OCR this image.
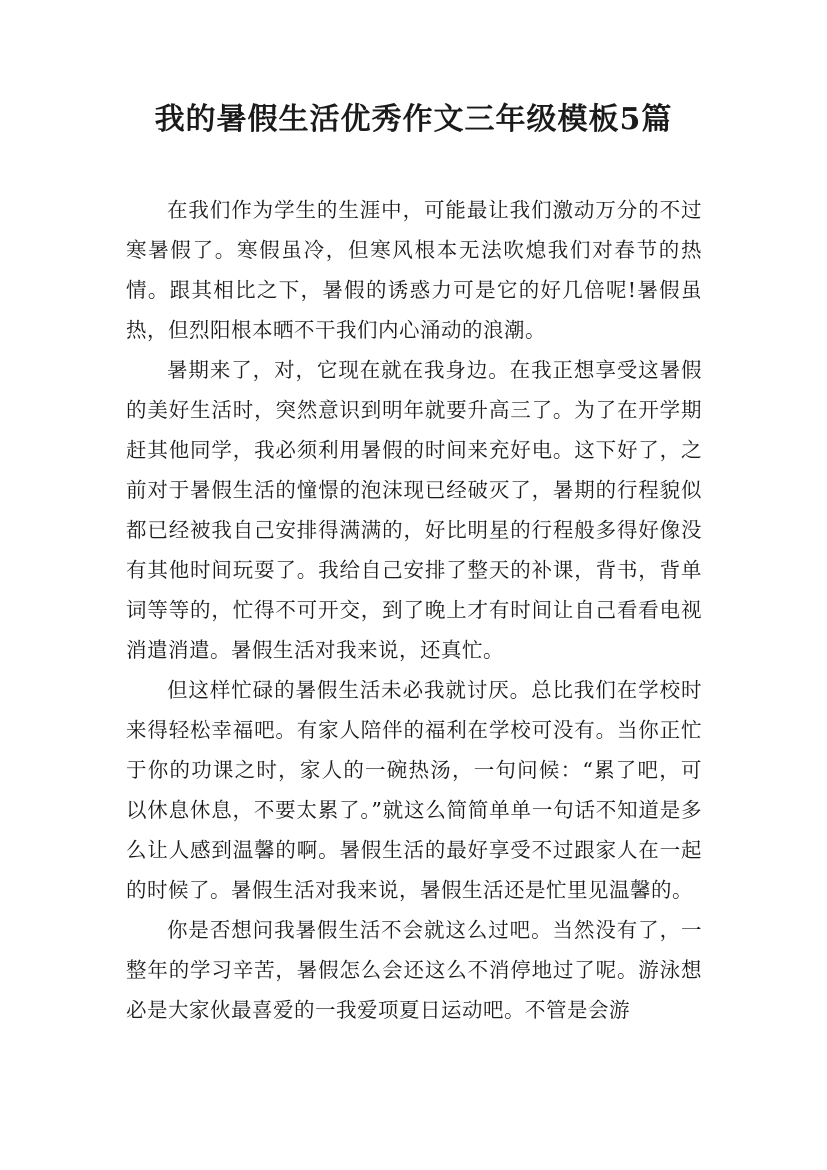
我的暑假生活优秀作文三年级模板5篇

在我们作为学生的生涯中，可能最让我们激动万分的不过寒暑假了。寒假虽冷，但寒风根本无法吹熄我们对春节的热情。跟其相比之下，暑假的诱惑力可是它的好几倍呢!暑假虽热，但烈阳根本晒不干我们内心涌动的浪潮。

暑期来了，对，它现在就在我身边。在我正想享受这暑假的美好生活时，突然意识到明年就要升高三了。为了在开学期赶其他同学，我必须利用暑假的时间来充好电。这下好了，之前对于暑假生活的憧憬的泡沫现已经破灭了，暑期的行程貌似都已经被我自己安排得满满的，好比明星的行程般多得好像没有其他时间玩耍了。我给自己安排了整天的补课，背书，背单词等等的，忙得不可开交，到了晚上才有时间让自己看看电视消遣消遣。暑假生活对我来说，还真忙。

但这样忙碌的暑假生活未必我就讨厌。总比我们在学校时来得轻松幸福吧。有家人陪伴的福利在学校可没有。当你正忙于你的功课之时，家人的一碗热汤，一句问候：“累了吧，可以休息休息，不要太累了。”就这么简简单单一句话不知道是多么让人感到温馨的啊。暑假生活的最好享受不过跟家人在一起的时候了。暑假生活对我来说，暑假生活还是忙里见温馨的。

你是否想问我暑假生活不会就这么过吧。当然没有了，一整年的学习辛苦，暑假怎么会还这么不消停地过了呢。游泳想必是大家伙最喜爱的一我爱项夏日运动吧。不管是会游
